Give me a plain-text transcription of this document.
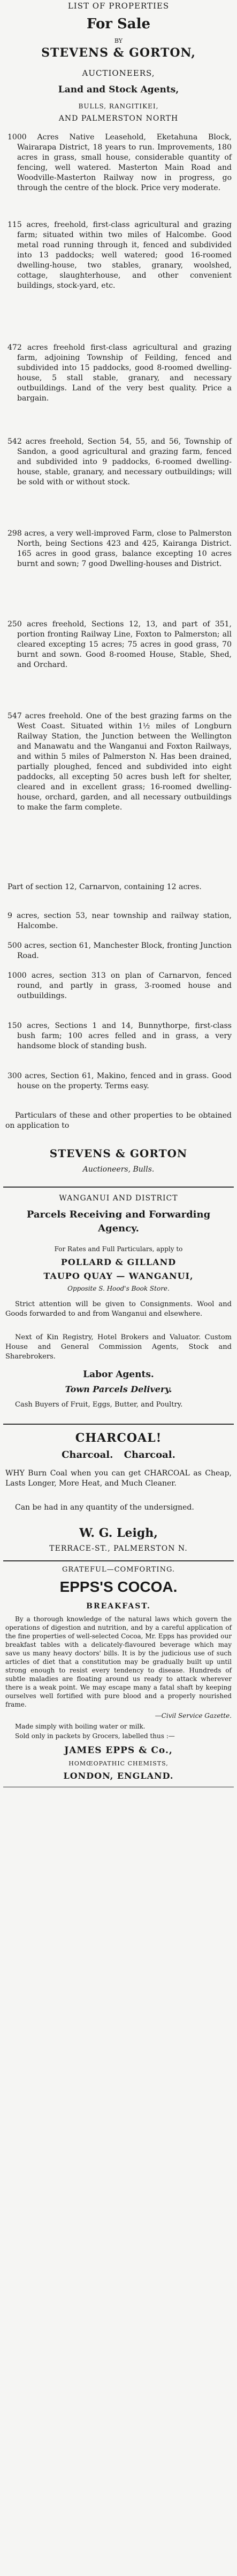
LIST OF PROPERTIES
For Sale
BY
STEVENS & GORTON,
AUCTIONEERS,
Land and Stock Agents,
BULLS, RANGITIKEI,
AND PALMERSTON NORTH
1000 Acres Native Leasehold, Eketahuna Block, Wairarapa District, 18 years to run. Improvements, 180 acres in grass, small house, considerable quantity of fencing, well watered. Masterton Main Road and Woodville-Masterton Railway now in progress, go through the centre of the block. Price very moderate.
115 acres, freehold, first-class agricultural and grazing farm; situated within two miles of Halcombe. Good metal road running through it, fenced and subdivided into 13 paddocks; well watered; good 16-roomed dwelling-house, two stables, granary, woolshed, cottage, slaughterhouse, and other convenient buildings, stock-yard, etc.
472 acres freehold first-class agricultural and grazing farm, adjoining Township of Feilding, fenced and subdivided into 15 paddocks, good 8-roomed dwelling-house, 5 stall stable, granary, and necessary outbuildings. Land of the very best quality. Price a bargain.
542 acres freehold, Section 54, 55, and 56, Township of Sandon, a good agricultural and grazing farm, fenced and subdivided into 9 paddocks, 6-roomed dwelling-house, stable, granary, and necessary outbuildings; will be sold with or without stock.
298 acres, a very well-improved Farm, close to Palmerston North, being Sections 423 and 425, Kairanga District. 165 acres in good grass, balance excepting 10 acres burnt and sown; 7 good Dwelling-houses and District.
250 acres freehold, Sections 12, 13, and part of 351, portion fronting Railway Line, Foxton to Palmerston; all cleared excepting 15 acres; 75 acres in good grass, 70 burnt and sown. Good 8-roomed House, Stable, Shed, and Orchard.
547 acres freehold. One of the best grazing farms on the West Coast. Situated within 1½ miles of Longburn Railway Station, the Junction between the Wellington and Manawatu and the Wanganui and Foxton Railways, and within 5 miles of Palmerston N. Has been drained, partially ploughed, fenced and subdivided into eight paddocks, all excepting 50 acres bush left for shelter, cleared and in excellent grass; 16-roomed dwelling-house, orchard, garden, and all necessary outbuildings to make the farm complete.
Part of section 12, Carnarvon, containing 12 acres.
9 acres, section 53, near township and railway station, Halcombe.
500 acres, section 61, Manchester Block, fronting Junction Road.
1000 acres, section 313 on plan of Carnarvon, fenced round, and partly in grass, 3-roomed house and outbuildings.
150 acres, Sections 1 and 14, Bunnythorpe, first-class bush farm; 100 acres felled and in grass, a very handsome block of standing bush.
300 acres, Section 61, Makino, fenced and in grass. Good house on the property. Terms easy.
Particulars of these and other properties to be obtained on application to
STEVENS & GORTON
Auctioneers, Bulls.
WANGANUI AND DISTRICT
Parcels Receiving and Forwarding Agency.
For Rates and Full Particulars, apply to
POLLARD & GILLAND
TAUPO QUAY — WANGANUI,
Opposite S. Hood's Book Store.
Strict attention will be given to Consignments. Wool and Goods forwarded to and from Wanganui and elsewhere.
Next of Kin Registry, Hotel Brokers and Valuator. Custom House and General Commission Agents, Stock and Sharebrokers.
Labor Agents.
Town Parcels Delivery.
Cash Buyers of Fruit, Eggs, Butter, and Poultry.
CHARCOAL!
Charcoal. Charcoal.
WHY Burn Coal when you can get CHARCOAL as Cheap, Lasts Longer, More Heat, and Much Cleaner.
Can be had in any quantity of the undersigned.
W. G. Leigh,
TERRACE-ST., PALMERSTON N.
GRATEFUL—COMFORTING.
EPPS'S COCOA.
BREAKFAST.
By a thorough knowledge of the natural laws which govern the operations of digestion and nutrition, and by a careful application of the fine properties of well-selected Cocoa, Mr. Epps has provided our breakfast tables with a delicately-flavoured beverage which may save us many heavy doctors' bills. It is by the judicious use of such articles of diet that a constitution may be gradually built up until strong enough to resist every tendency to disease. Hundreds of subtle maladies are floating around us ready to attack wherever there is a weak point. We may escape many a fatal shaft by keeping ourselves well fortified with pure blood and a properly nourished frame.
—Civil Service Gazette.
Made simply with boiling water or milk.
Sold only in packets by Grocers, labelled thus :—
JAMES EPPS & Co.,
HOMŒOPATHIC CHEMISTS,
LONDON, ENGLAND.
